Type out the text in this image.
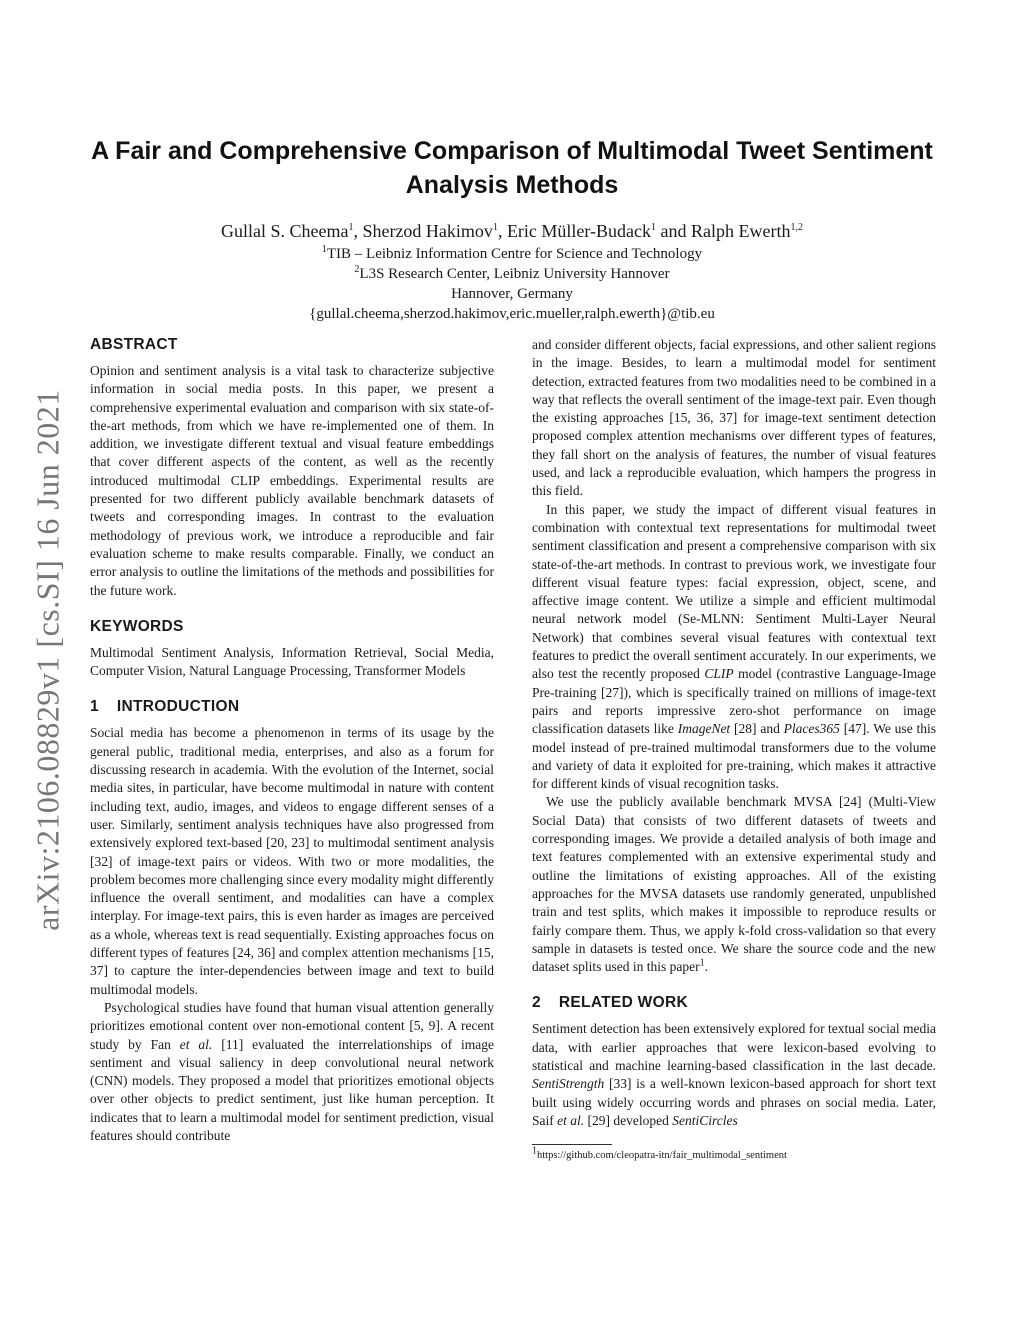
arXiv:2106.08829v1 [cs.SI] 16 Jun 2021
A Fair and Comprehensive Comparison of Multimodal Tweet Sentiment Analysis Methods
Gullal S. Cheema$^1$, Sherzod Hakimov$^1$, Eric Müller-Budack$^1$ and Ralph Ewerth$^{1,2}$
$^1$TIB – Leibniz Information Centre for Science and Technology
$^2$L3S Research Center, Leibniz University Hannover
Hannover, Germany
{gullal.cheema,sherzod.hakimov,eric.mueller,ralph.ewerth}@tib.eu
ABSTRACT

Opinion and sentiment analysis is a vital task to characterize subjective information in social media posts. In this paper, we present a comprehensive experimental evaluation and comparison with six state-of-the-art methods, from which we have re-implemented one of them. In addition, we investigate different textual and visual feature embeddings that cover different aspects of the content, as well as the recently introduced multimodal CLIP embeddings. Experimental results are presented for two different publicly available benchmark datasets of tweets and corresponding images. In contrast to the evaluation methodology of previous work, we introduce a reproducible and fair evaluation scheme to make results comparable. Finally, we conduct an error analysis to outline the limitations of the methods and possibilities for the future work.

KEYWORDS

Multimodal Sentiment Analysis, Information Retrieval, Social Media, Computer Vision, Natural Language Processing, Transformer Models

1 INTRODUCTION

Social media has become a phenomenon in terms of its usage by the general public, traditional media, enterprises, and also as a forum for discussing research in academia. With the evolution of the Internet, social media sites, in particular, have become multimodal in nature with content including text, audio, images, and videos to engage different senses of a user. Similarly, sentiment analysis techniques have also progressed from extensively explored text-based [20, 23] to multimodal sentiment analysis [32] of image-text pairs or videos. With two or more modalities, the problem becomes more challenging since every modality might differently influence the overall sentiment, and modalities can have a complex interplay. For image-text pairs, this is even harder as images are perceived as a whole, whereas text is read sequentially. Existing approaches focus on different types of features [24, 36] and complex attention mechanisms [15, 37] to capture the inter-dependencies between image and text to build multimodal models.

Psychological studies have found that human visual attention generally prioritizes emotional content over non-emotional content [5, 9]. A recent study by Fan et al. [11] evaluated the interrelationships of image sentiment and visual saliency in deep convolutional neural network (CNN) models. They proposed a model that prioritizes emotional objects over other objects to predict sentiment, just like human perception. It indicates that to learn a multimodal model for sentiment prediction, visual features should contribute

and consider different objects, facial expressions, and other salient regions in the image. Besides, to learn a multimodal model for sentiment detection, extracted features from two modalities need to be combined in a way that reflects the overall sentiment of the image-text pair. Even though the existing approaches [15, 36, 37] for image-text sentiment detection proposed complex attention mechanisms over different types of features, they fall short on the analysis of features, the number of visual features used, and lack a reproducible evaluation, which hampers the progress in this field.

In this paper, we study the impact of different visual features in combination with contextual text representations for multimodal tweet sentiment classification and present a comprehensive comparison with six state-of-the-art methods. In contrast to previous work, we investigate four different visual feature types: facial expression, object, scene, and affective image content. We utilize a simple and efficient multimodal neural network model (Se-MLNN: Sentiment Multi-Layer Neural Network) that combines several visual features with contextual text features to predict the overall sentiment accurately. In our experiments, we also test the recently proposed CLIP model (contrastive Language-Image Pre-training [27]), which is specifically trained on millions of image-text pairs and reports impressive zero-shot performance on image classification datasets like ImageNet [28] and Places365 [47]. We use this model instead of pre-trained multimodal transformers due to the volume and variety of data it exploited for pre-training, which makes it attractive for different kinds of visual recognition tasks.

We use the publicly available benchmark MVSA [24] (Multi-View Social Data) that consists of two different datasets of tweets and corresponding images. We provide a detailed analysis of both image and text features complemented with an extensive experimental study and outline the limitations of existing approaches. All of the existing approaches for the MVSA datasets use randomly generated, unpublished train and test splits, which makes it impossible to reproduce results or fairly compare them. Thus, we apply k-fold cross-validation so that every sample in datasets is tested once. We share the source code and the new dataset splits used in this paper$^1$.

2 RELATED WORK

Sentiment detection has been extensively explored for textual social media data, with earlier approaches that were lexicon-based evolving to statistical and machine learning-based classification in the last decade. SentiStrength [33] is a well-known lexicon-based approach for short text built using widely occurring words and phrases on social media. Later, Saif et al. [29] developed SentiCircles

$^1$https://github.com/cleopatra-itn/fair_multimodal_sentiment
